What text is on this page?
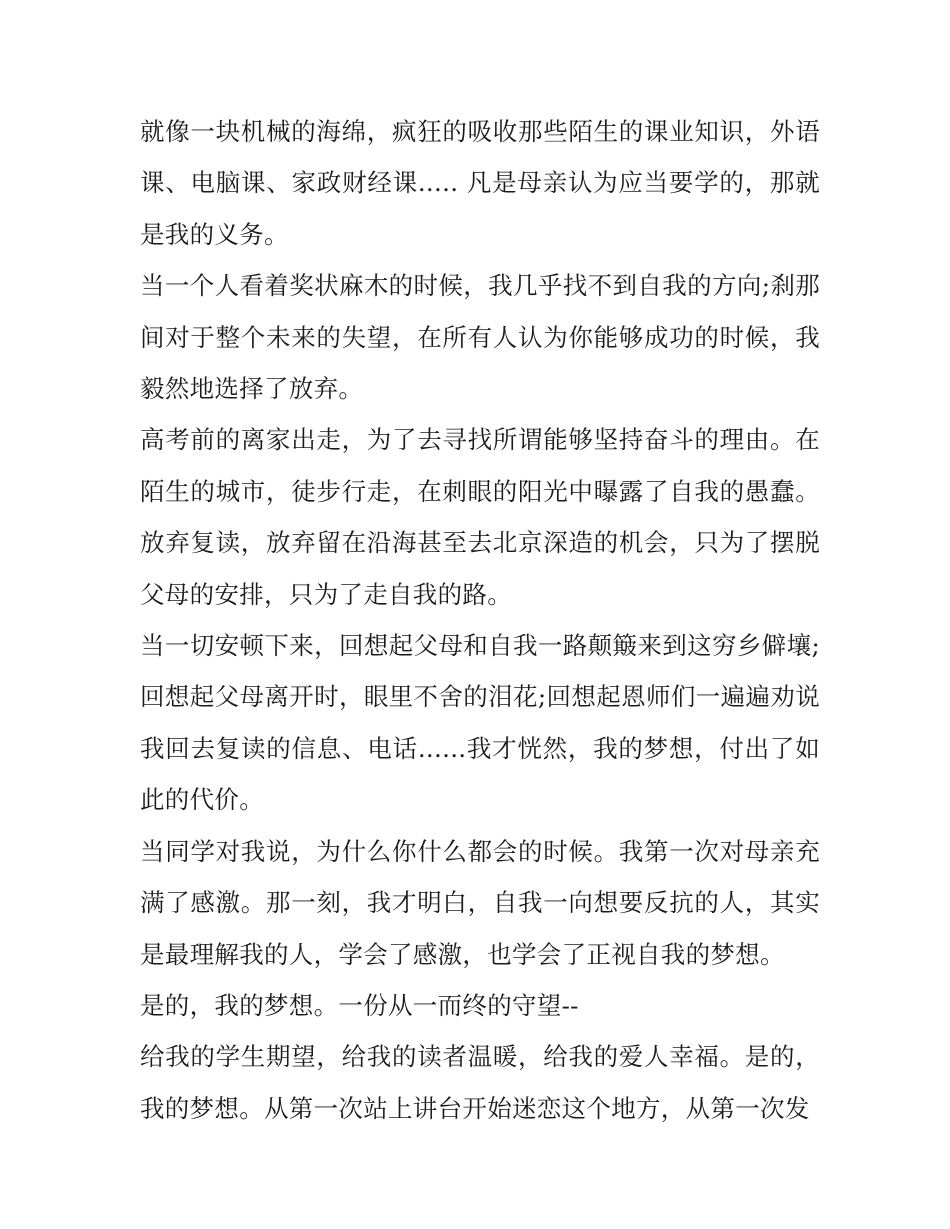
就像一块机械的海绵，疯狂的吸收那些陌生的课业知识，外语课、电脑课、家政财经课..... 凡是母亲认为应当要学的，那就是我的义务。

当一个人看着奖状麻木的时候，我几乎找不到自我的方向;刹那间对于整个未来的失望，在所有人认为你能够成功的时候，我毅然地选择了放弃。

高考前的离家出走，为了去寻找所谓能够坚持奋斗的理由。在陌生的城市，徒步行走，在刺眼的阳光中曝露了自我的愚蠢。放弃复读，放弃留在沿海甚至去北京深造的机会，只为了摆脱父母的安排，只为了走自我的路。

当一切安顿下来，回想起父母和自我一路颠簸来到这穷乡僻壤;回想起父母离开时，眼里不舍的泪花;回想起恩师们一遍遍劝说我回去复读的信息、电话......我才恍然，我的梦想，付出了如此的代价。

当同学对我说，为什么你什么都会的时候。我第一次对母亲充满了感激。那一刻，我才明白，自我一向想要反抗的人，其实是最理解我的人，学会了感激，也学会了正视自我的梦想。

是的，我的梦想。一份从一而终的守望--

给我的学生期望，给我的读者温暖，给我的爱人幸福。是的，我的梦想。从第一次站上讲台开始迷恋这个地方，从第一次发
